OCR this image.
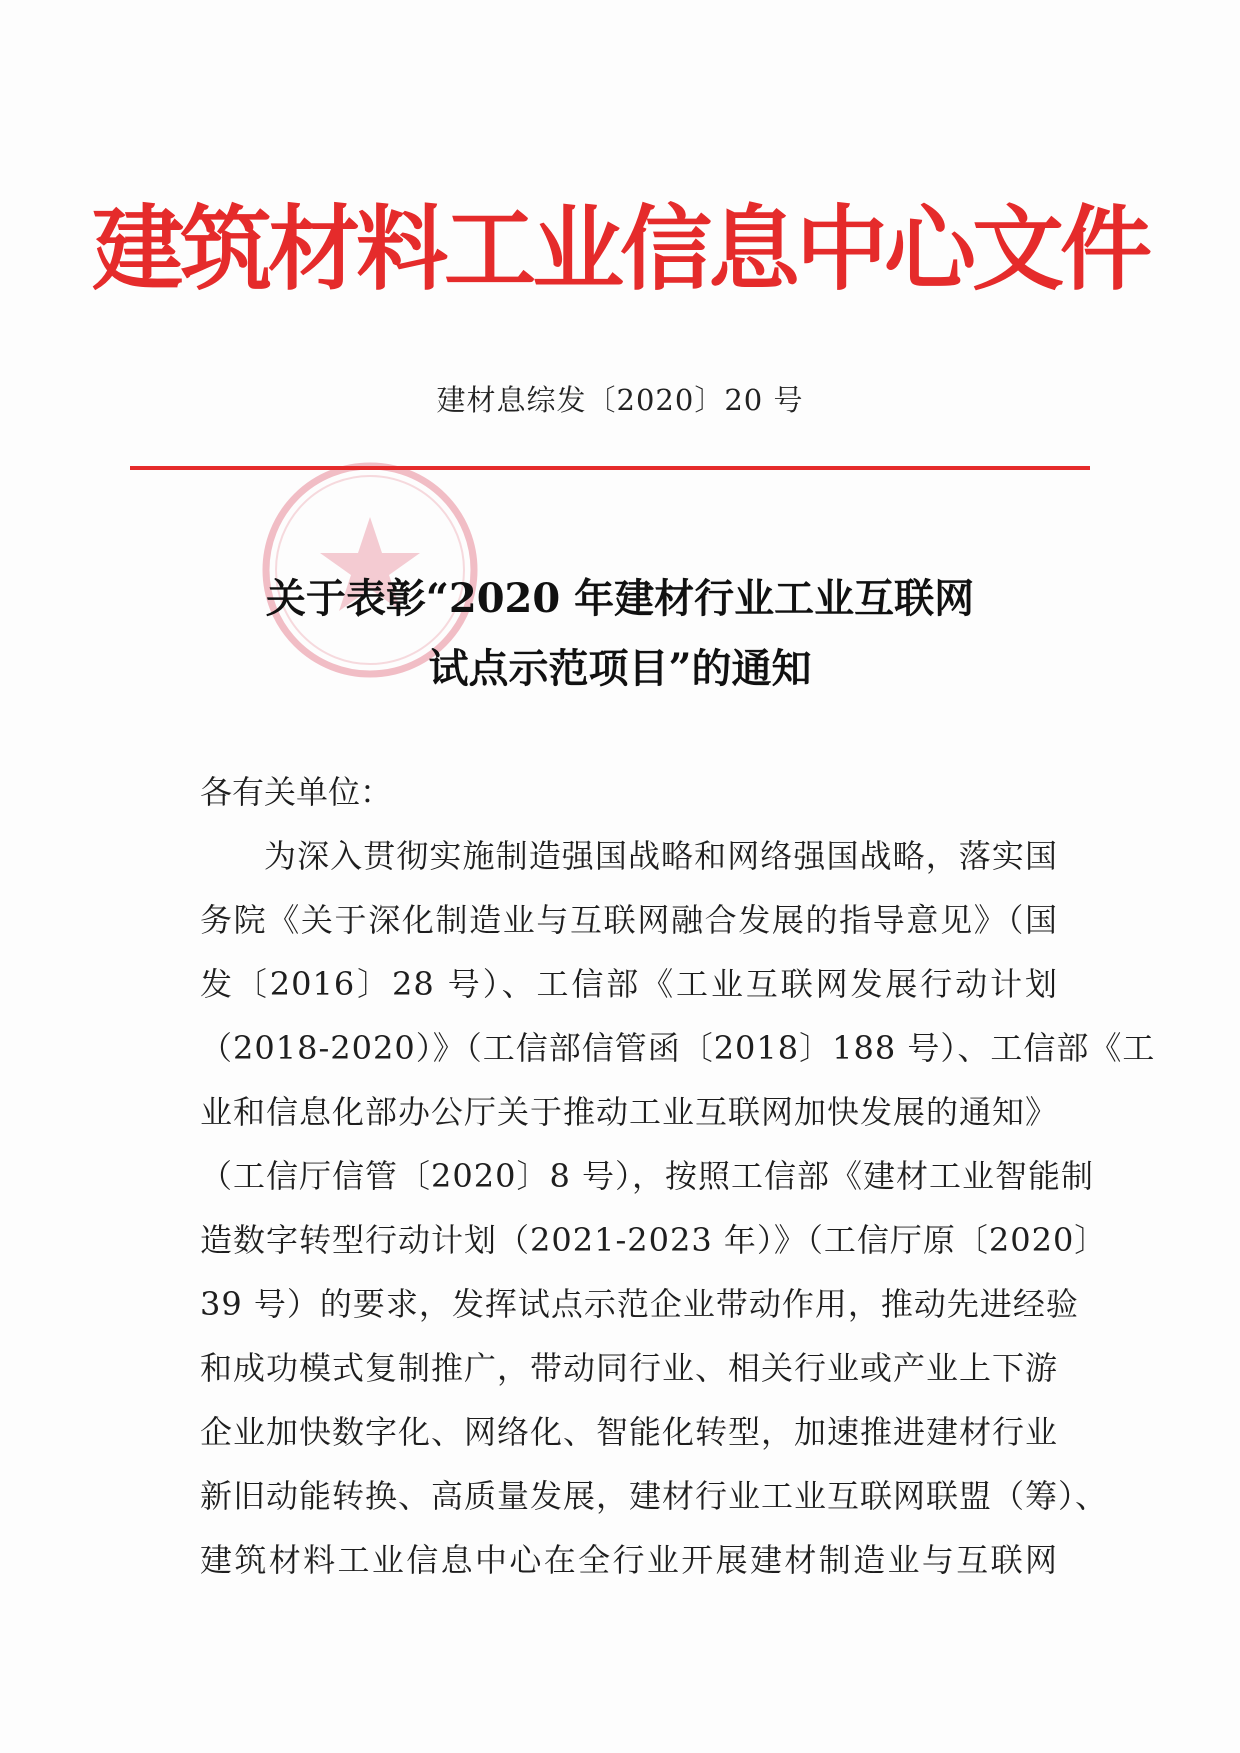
建筑材料工业信息中心文件
建材息综发〔2020〕20 号
关于表彰“2020 年建材行业工业互联网
试点示范项目”的通知

各有关单位：

为深入贯彻实施制造强国战略和网络强国战略，落实国

务院《关于深化制造业与互联网融合发展的指导意见》（国

发〔2016〕28 号）、工信部《工业互联网发展行动计划

（2018-2020）》（工信部信管函〔2018〕188 号）、工信部《工

业和信息化部办公厅关于推动工业互联网加快发展的通知》

（工信厅信管〔2020〕8 号），按照工信部《建材工业智能制

造数字转型行动计划（2021-2023 年）》（工信厅原〔2020〕

39 号）的要求，发挥试点示范企业带动作用，推动先进经验

和成功模式复制推广，带动同行业、相关行业或产业上下游

企业加快数字化、网络化、智能化转型，加速推进建材行业

新旧动能转换、高质量发展，建材行业工业互联网联盟（筹）、

建筑材料工业信息中心在全行业开展建材制造业与互联网
